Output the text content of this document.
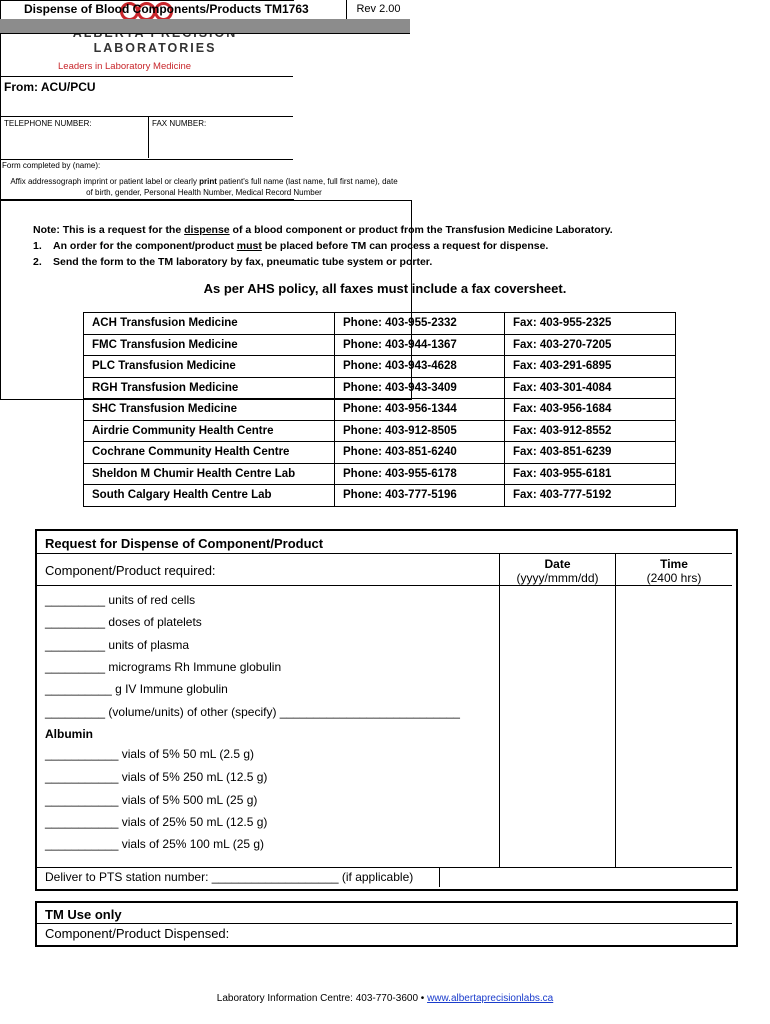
LABORATORIES
Leaders in Laboratory Medicine
From: ACU/PCU
TELEPHONE NUMBER:	FAX NUMBER:
Form completed by (name):
Dispense of Blood Components/Products TM1763	Rev 2.00
Affix addressograph imprint or patient label or clearly print patient's full name (last name, full first name), date of birth, gender, Personal Health Number, Medical Record Number
Note: This is a request for the dispense of a blood component or product from the Transfusion Medicine Laboratory.
1. An order for the component/product must be placed before TM can process a request for dispense.
2. Send the form to the TM laboratory by fax, pneumatic tube system or porter.
As per AHS policy, all faxes must include a fax coversheet.
ACH Transfusion Medicine	Phone: 403-955-2332	Fax: 403-955-2325
FMC Transfusion Medicine	Phone: 403-944-1367	Fax: 403-270-7205
PLC Transfusion Medicine	Phone: 403-943-4628	Fax: 403-291-6895
RGH Transfusion Medicine	Phone: 403-943-3409	Fax: 403-301-4084
SHC Transfusion Medicine	Phone: 403-956-1344	Fax: 403-956-1684
Airdrie Community Health Centre	Phone: 403-912-8505	Fax: 403-912-8552
Cochrane Community Health Centre	Phone: 403-851-6240	Fax: 403-851-6239
Sheldon M Chumir Health Centre Lab	Phone: 403-955-6178	Fax: 403-955-6181
South Calgary Health Centre Lab	Phone: 403-777-5196	Fax: 403-777-5192
Request for Dispense of Component/Product
Component/Product required:	Date
(yyyy/mmm/dd)
Time
(2400 hrs)
_________ units of red cells
_________ doses of platelets
_________ units of plasma
_________ micrograms Rh Immune globulin
__________ g IV Immune globulin
_________ (volume/units) of other (specify) ___________________________
Albumin
___________ vials of 5% 50 mL (2.5 g)
___________ vials of 5% 250 mL (12.5 g)
___________ vials of 5% 500 mL (25 g)
___________ vials of 25% 50 mL (12.5 g)
___________ vials of 25% 100 mL (25 g)
Deliver to PTS station number: ___________________ (if applicable)
TM Use only
Component/Product Dispensed:
Laboratory Information Centre: 403-770-3600 • www.albertaprecisionlabs.ca
